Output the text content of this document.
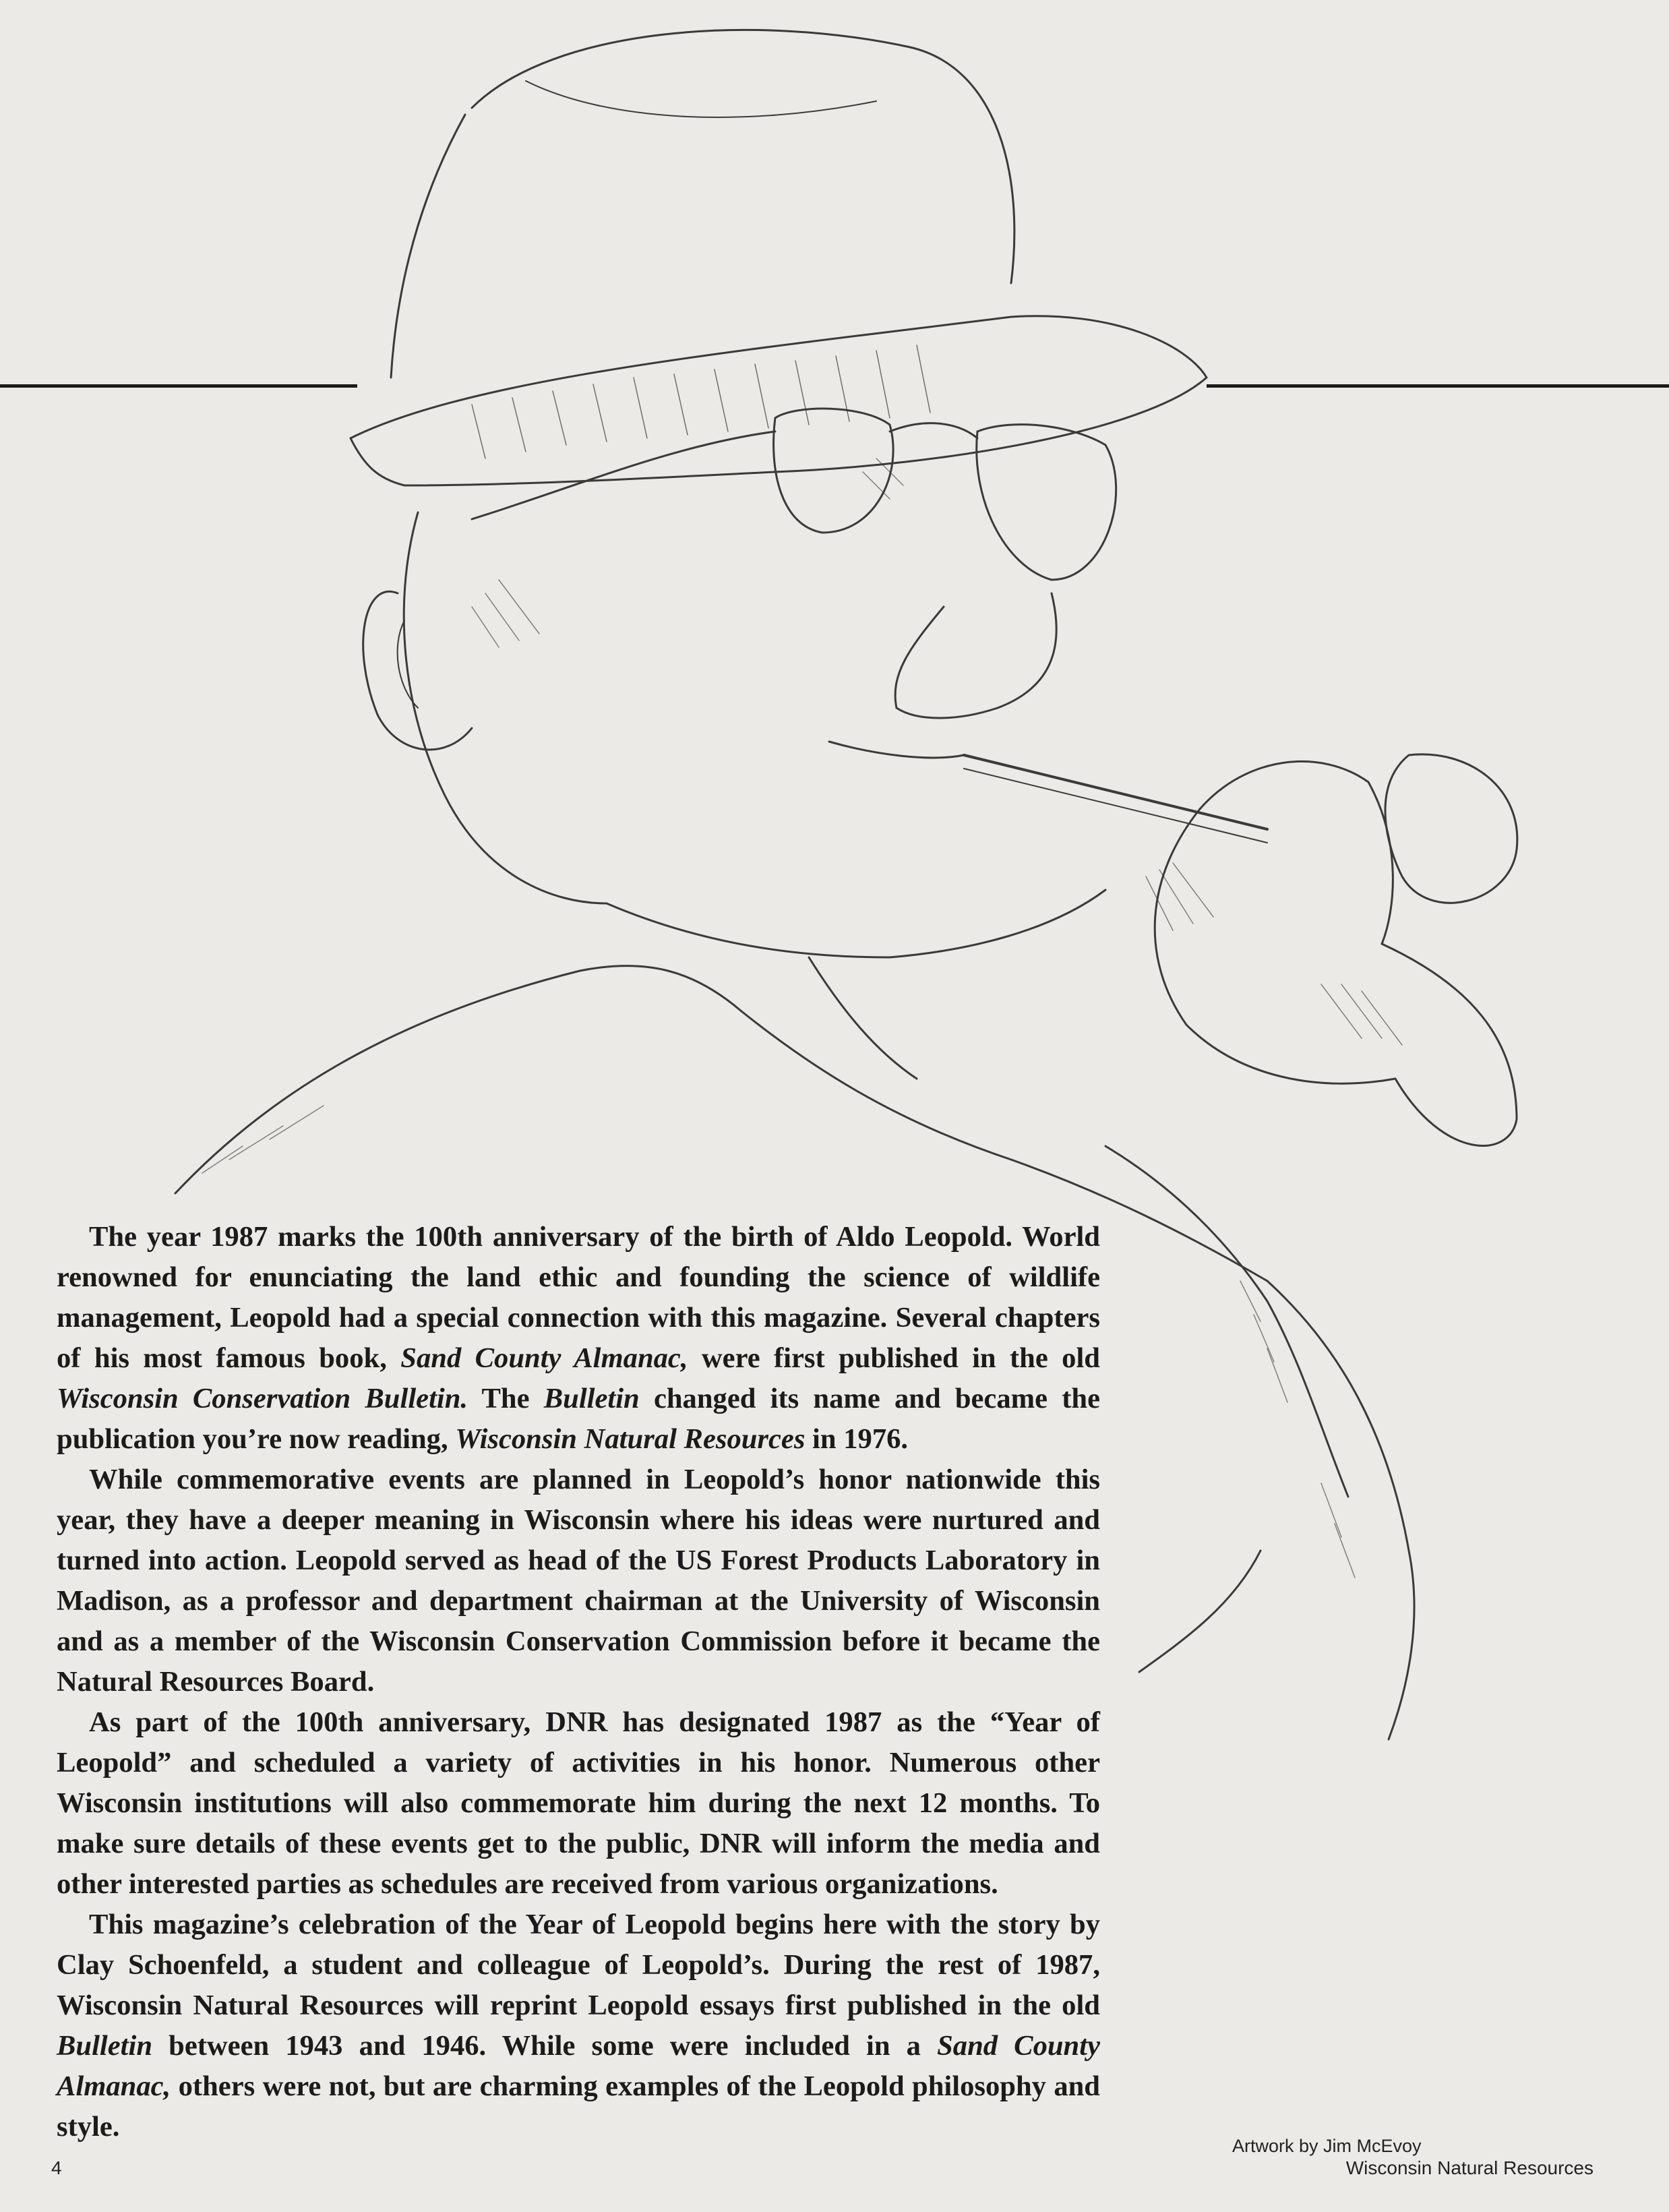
The year 1987 marks the 100th anniversary of the birth of Aldo Leopold. World renowned for enunciating the land ethic and founding the science of wildlife management, Leopold had a special connection with this magazine. Several chapters of his most famous book, Sand County Almanac, were first published in the old Wisconsin Conservation Bulletin. The Bulletin changed its name and became the publication you’re now reading, Wisconsin Natural Resources in 1976.

While commemorative events are planned in Leopold’s honor nationwide this year, they have a deeper meaning in Wisconsin where his ideas were nurtured and turned into action. Leopold served as head of the US Forest Products Laboratory in Madison, as a professor and department chairman at the University of Wisconsin and as a member of the Wisconsin Conservation Commission before it became the Natural Resources Board.

As part of the 100th anniversary, DNR has designated 1987 as the “Year of Leopold” and scheduled a variety of activities in his honor. Numerous other Wisconsin institutions will also commemorate him during the next 12 months. To make sure details of these events get to the public, DNR will inform the media and other interested parties as schedules are received from various organizations.

This magazine’s celebration of the Year of Leopold begins here with the story by Clay Schoenfeld, a student and colleague of Leopold’s. During the rest of 1987, Wisconsin Natural Resources will reprint Leopold essays first published in the old Bulletin between 1943 and 1946. While some were included in a Sand County Almanac, others were not, but are charming examples of the Leopold philosophy and style.

Artwork by Jim McEvoy
4	Wisconsin Natural Resources
